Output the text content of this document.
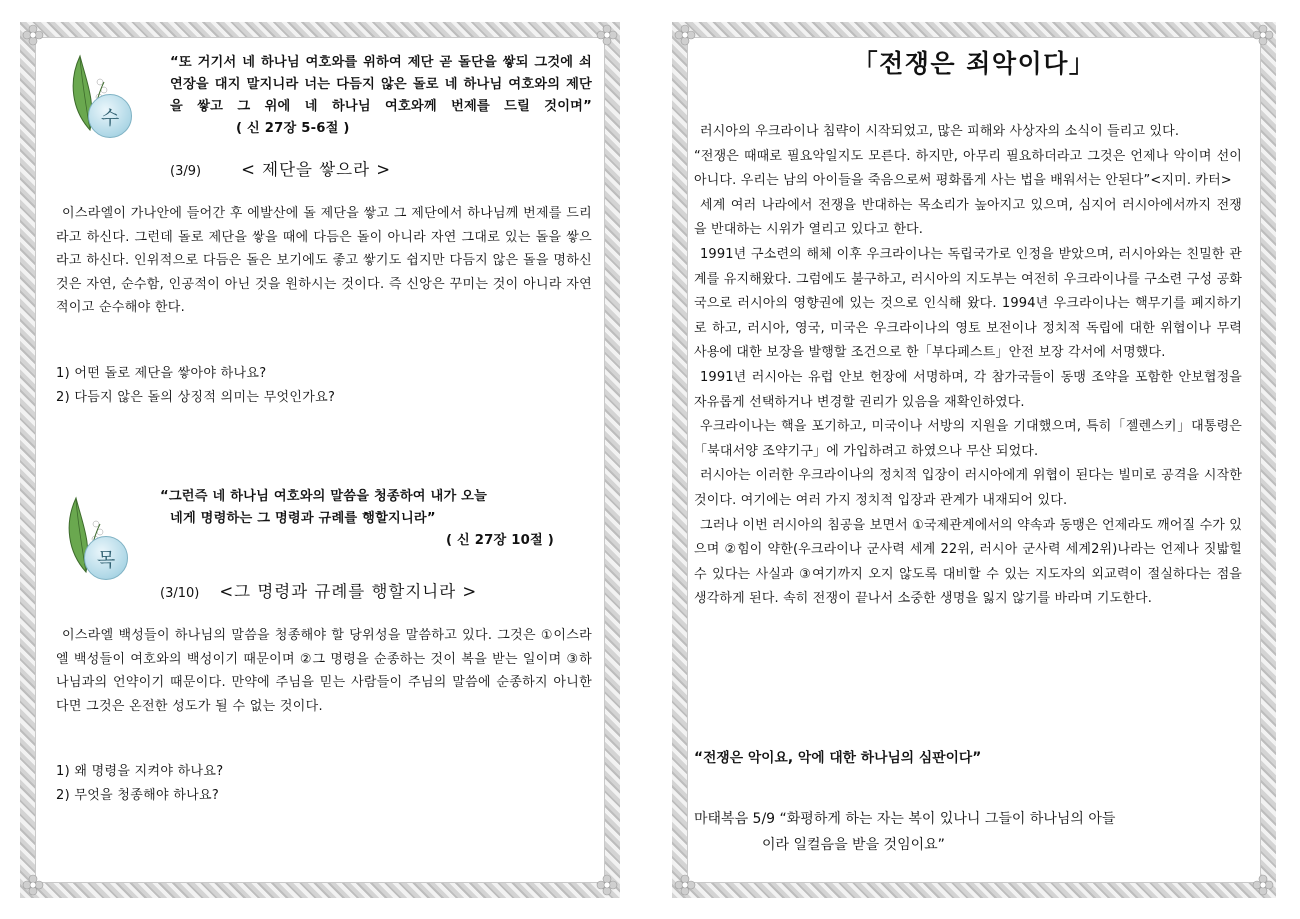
수
“또 거기서 네 하나님 여호와를 위하여 제단 곧 돌단을 쌓되 그것에 쇠 연장을 대지 말지니라 너는 다듬지 않은 돌로 네 하나님 여호와의 제단을 쌓고 그 위에 네 하나님 여호와께 번제를 드릴 것이며” ( 신 27장 5-6절 )
(3/9) < 제단을 쌓으라 >
이스라엘이 가나안에 들어간 후 에발산에 돌 제단을 쌓고 그 제단에서 하나님께 번제를 드리라고 하신다. 그런데 돌로 제단을 쌓을 때에 다듬은 돌이 아니라 자연 그대로 있는 돌을 쌓으라고 하신다. 인위적으로 다듬은 돌은 보기에도 좋고 쌓기도 쉽지만 다듬지 않은 돌을 명하신 것은 자연, 순수함, 인공적이 아닌 것을 원하시는 것이다. 즉 신앙은 꾸미는 것이 아니라 자연적이고 순수해야 한다.
1) 어떤 돌로 제단을 쌓아야 하나요?
2) 다듬지 않은 돌의 상징적 의미는 무엇인가요?
목
“그런즉 네 하나님 여호와의 말씀을 청종하여 내가 오늘
네게 명령하는 그 명령과 규례를 행할지니라”
( 신 27장 10절 )
(3/10) <그 명령과 규례를 행할지니라 >
이스라엘 백성들이 하나님의 말씀을 청종해야 할 당위성을 말씀하고 있다. 그것은 ①이스라엘 백성들이 여호와의 백성이기 때문이며 ②그 명령을 순종하는 것이 복을 받는 일이며 ③하나님과의 언약이기 때문이다. 만약에 주님을 믿는 사람들이 주님의 말씀에 순종하지 아니한다면 그것은 온전한 성도가 될 수 없는 것이다.
1) 왜 명령을 지켜야 하나요?
2) 무엇을 청종해야 하나요?
「전쟁은 죄악이다」

러시아의 우크라이나 침략이 시작되었고, 많은 피해와 사상자의 소식이 들리고 있다.

“전쟁은 때때로 필요악일지도 모른다. 하지만, 아무리 필요하더라고 그것은 언제나 악이며 선이 아니다. 우리는 남의 아이들을 죽음으로써 평화롭게 사는 법을 배워서는 안된다”<지미. 카터>

세계 여러 나라에서 전쟁을 반대하는 목소리가 높아지고 있으며, 심지어 러시아에서까지 전쟁을 반대하는 시위가 열리고 있다고 한다.

1991년 구소련의 해체 이후 우크라이나는 독립국가로 인정을 받았으며, 러시아와는 친밀한 관계를 유지해왔다. 그럼에도 불구하고, 러시아의 지도부는 여전히 우크라이나를 구소련 구성 공화국으로 러시아의 영향권에 있는 것으로 인식해 왔다. 1994년 우크라이나는 핵무기를 폐지하기로 하고, 러시아, 영국, 미국은 우크라이나의 영토 보전이나 정치적 독립에 대한 위협이나 무력 사용에 대한 보장을 발행할 조건으로 한「부다페스트」안전 보장 각서에 서명했다.

1991년 러시아는 유럽 안보 헌장에 서명하며, 각 참가국들이 동맹 조약을 포함한 안보협정을 자유롭게 선택하거나 변경할 권리가 있음을 재확인하였다.

우크라이나는 핵을 포기하고, 미국이나 서방의 지원을 기대했으며, 특히「젤렌스키」대통령은「북대서양 조약기구」에 가입하려고 하였으나 무산 되었다.

러시아는 이러한 우크라이나의 정치적 입장이 러시아에게 위협이 된다는 빌미로 공격을 시작한 것이다. 여기에는 여러 가지 정치적 입장과 관계가 내재되어 있다.

그러나 이번 러시아의 침공을 보면서 ①국제관계에서의 약속과 동맹은 언제라도 깨어질 수가 있으며 ②힘이 약한(우크라이나 군사력 세계 22위, 러시아 군사력 세계2위)나라는 언제나 짓밟힐 수 있다는 사실과 ③여기까지 오지 않도록 대비할 수 있는 지도자의 외교력이 절실하다는 점을 생각하게 된다. 속히 전쟁이 끝나서 소중한 생명을 잃지 않기를 바라며 기도한다.

“전쟁은 악이요, 악에 대한 하나님의 심판이다”
마태복음 5/9 “화평하게 하는 자는 복이 있나니 그들이 하나님의 아들
이라 일컬음을 받을 것임이요”
